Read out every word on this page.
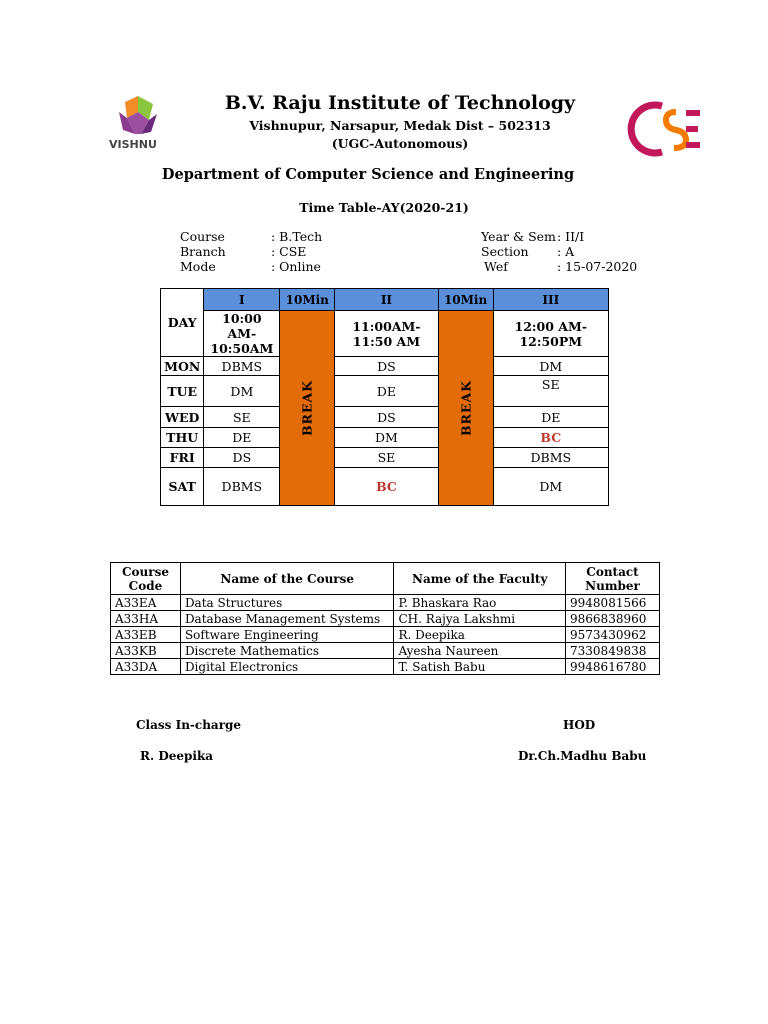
VISHNU
B.V. Raju Institute of Technology
Vishnupur, Narsapur, Medak Dist – 502313
(UGC-Autonomous)
Department of Computer Science and Engineering
Time Table-AY(2020-21)
Course	: B.Tech
Branch	: CSE
Mode	: Online
Year & Sem : II/I
Section : A
Wef	: 15-07-2020
DAY	I	10Min	II	10Min	III
	10:00 AM-10:50AM	BREAK	11:00AM-11:50 AM	BREAK	12:00 AM-12:50PM
MON	DBMS		DS		DM
TUE	DM		DE		SE
WED	SE		DS		DE
THU	DE		DM		BC
FRI	DS		SE		DBMS
SAT	DBMS		BC		DM
Course Code	Name of the Course	Name of the Faculty	Contact Number
A33EA	Data Structures	P. Bhaskara Rao	9948081566
A33HA	Database Management Systems	CH. Rajya Lakshmi	9866838960
A33EB	Software Engineering	R. Deepika	9573430962
A33KB	Discrete Mathematics	Ayesha Naureen	7330849838
A33DA	Digital Electronics	T. Satish Babu	9948616780
Class In-charge
R. Deepika
HOD
Dr.Ch.Madhu Babu
